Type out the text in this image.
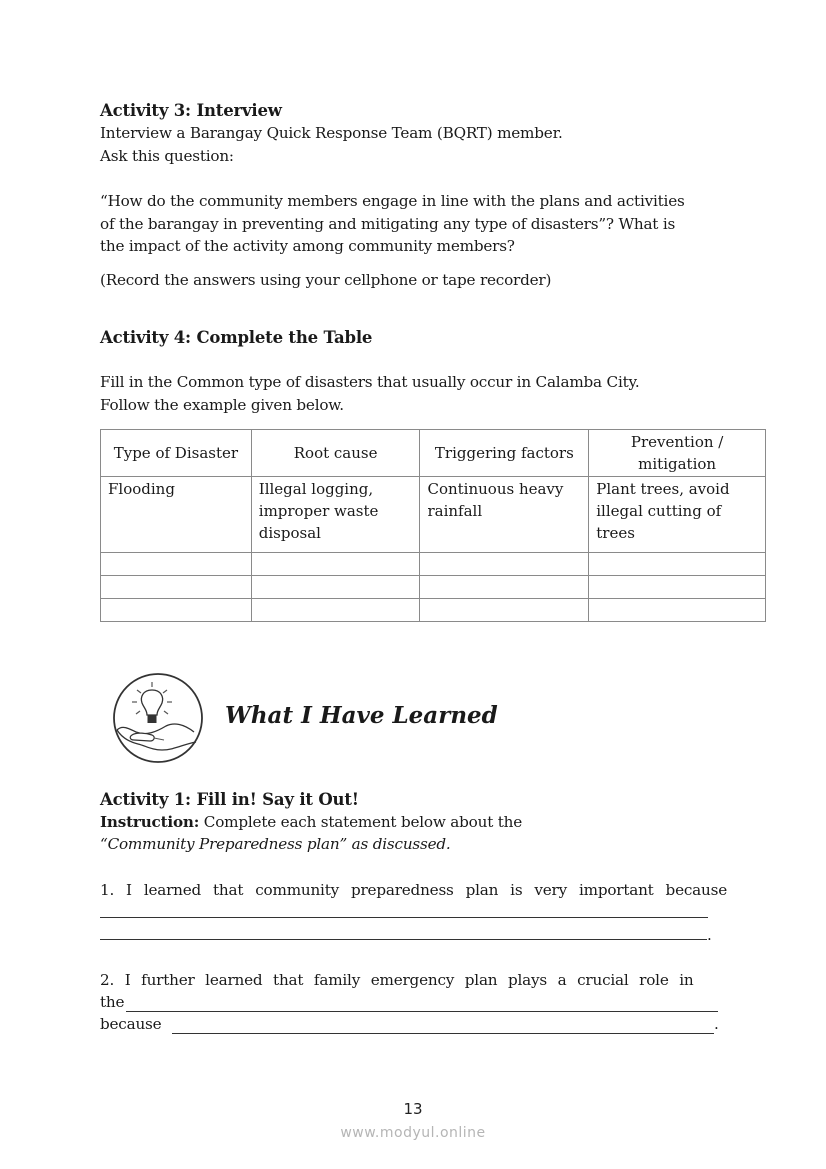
Activity 3: Interview
Interview a Barangay Quick Response Team (BQRT) member.
Ask this question:
“How do the community members engage in line with the plans and activities
of the barangay in preventing and mitigating any type of disasters”? What is
the impact of the activity among community members?
(Record the answers using your cellphone or tape recorder)
Activity 4: Complete the Table
Fill in the Common type of disasters that usually occur in Calamba City.
Follow the example given below.
Type of Disaster	Root cause	Triggering factors	Prevention / mitigation
Flooding	Illegal logging, improper waste disposal	Continuous heavy rainfall	Plant trees, avoid illegal cutting of trees

What I Have Learned
Activity 1: Fill in! Say it Out!
Instruction: Complete each statement below about the
“Community Preparedness plan” as discussed.
1. I learned that community preparedness plan is very important because
.
2. I further learned that family emergency plan plays a crucial role in
the
because	.
13
www.modyul.online
